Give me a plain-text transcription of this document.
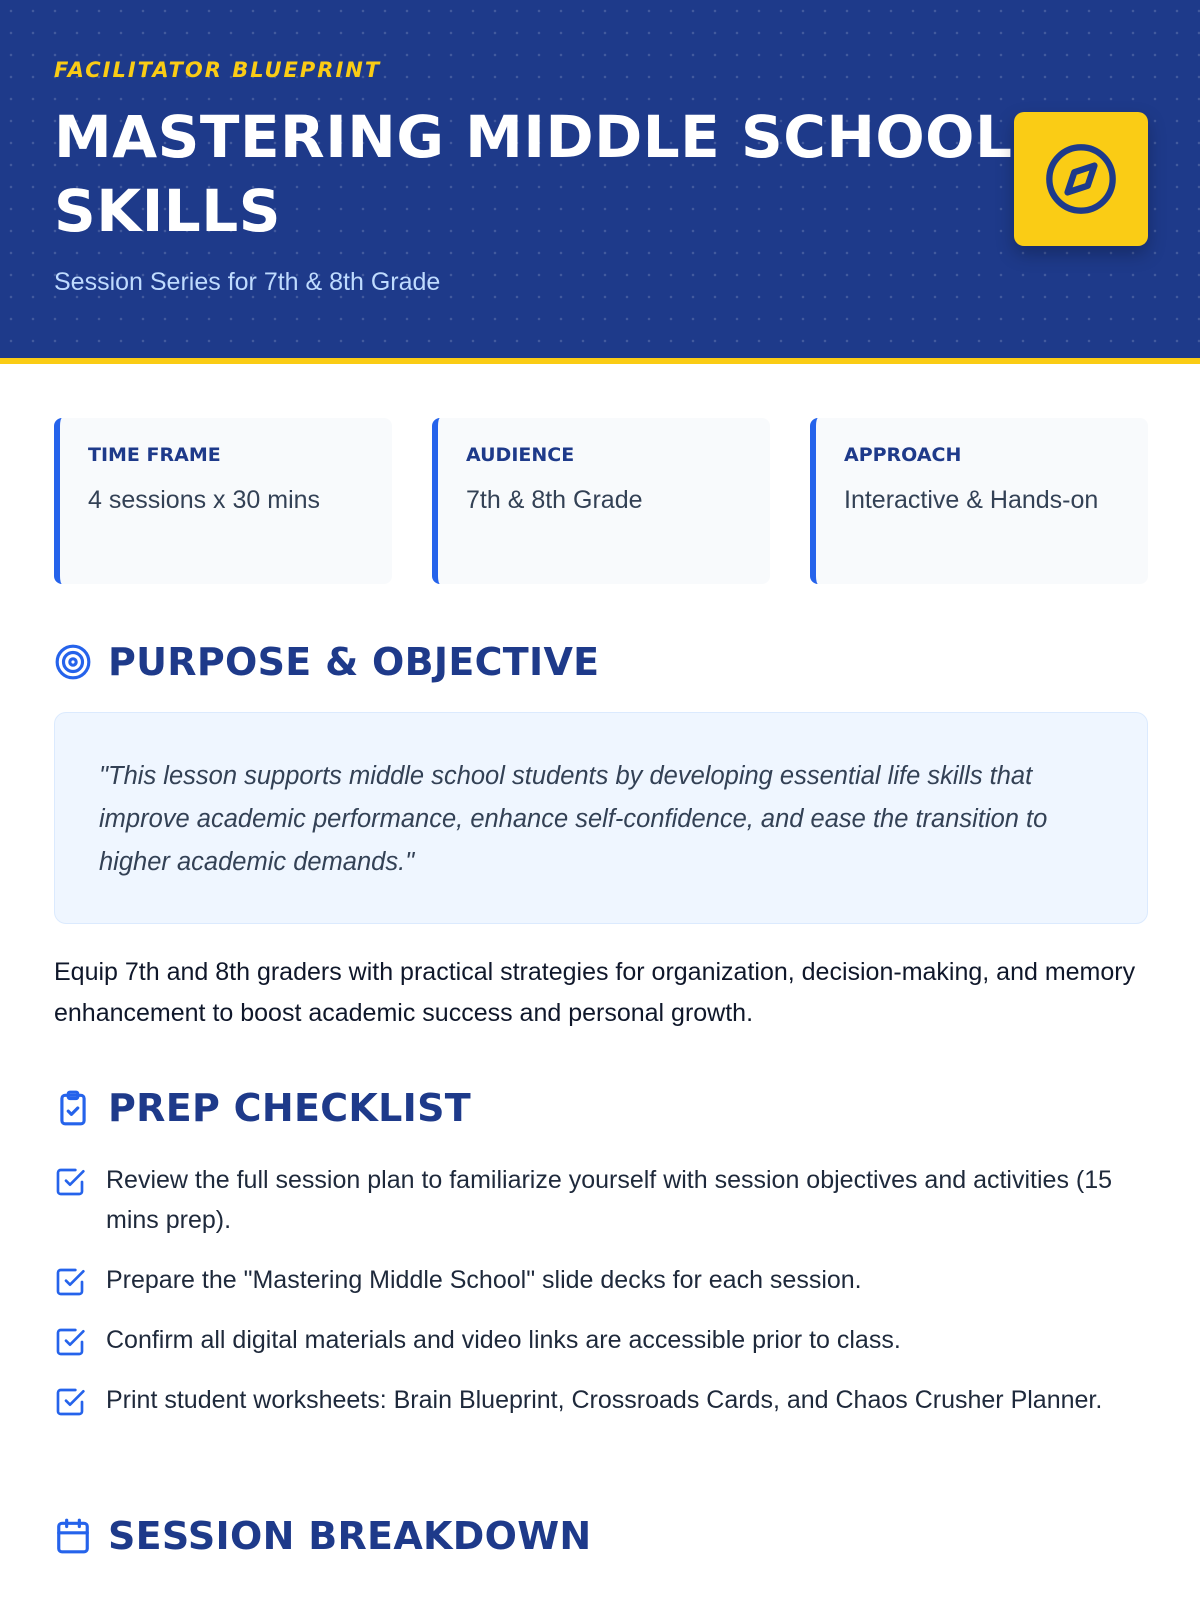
FACILITATOR BLUEPRINT
MASTERING MIDDLE SCHOOL SKILLS
Session Series for 7th & 8th Grade
TIME FRAME
4 sessions x 30 mins
AUDIENCE
7th & 8th Grade
APPROACH
Interactive & Hands-on
PURPOSE & OBJECTIVE

"This lesson supports middle school students by developing essential life skills that improve academic performance, enhance self-confidence, and ease the transition to higher academic demands."

Equip 7th and 8th graders with practical strategies for organization, decision-making, and memory enhancement to boost academic success and personal growth.

PREP CHECKLIST
Review the full session plan to familiarize yourself with session objectives and activities (15 mins prep).
Prepare the "Mastering Middle School" slide decks for each session.
Confirm all digital materials and video links are accessible prior to class.
Print student worksheets: Brain Blueprint, Crossroads Cards, and Chaos Crusher Planner.
SESSION BREAKDOWN
